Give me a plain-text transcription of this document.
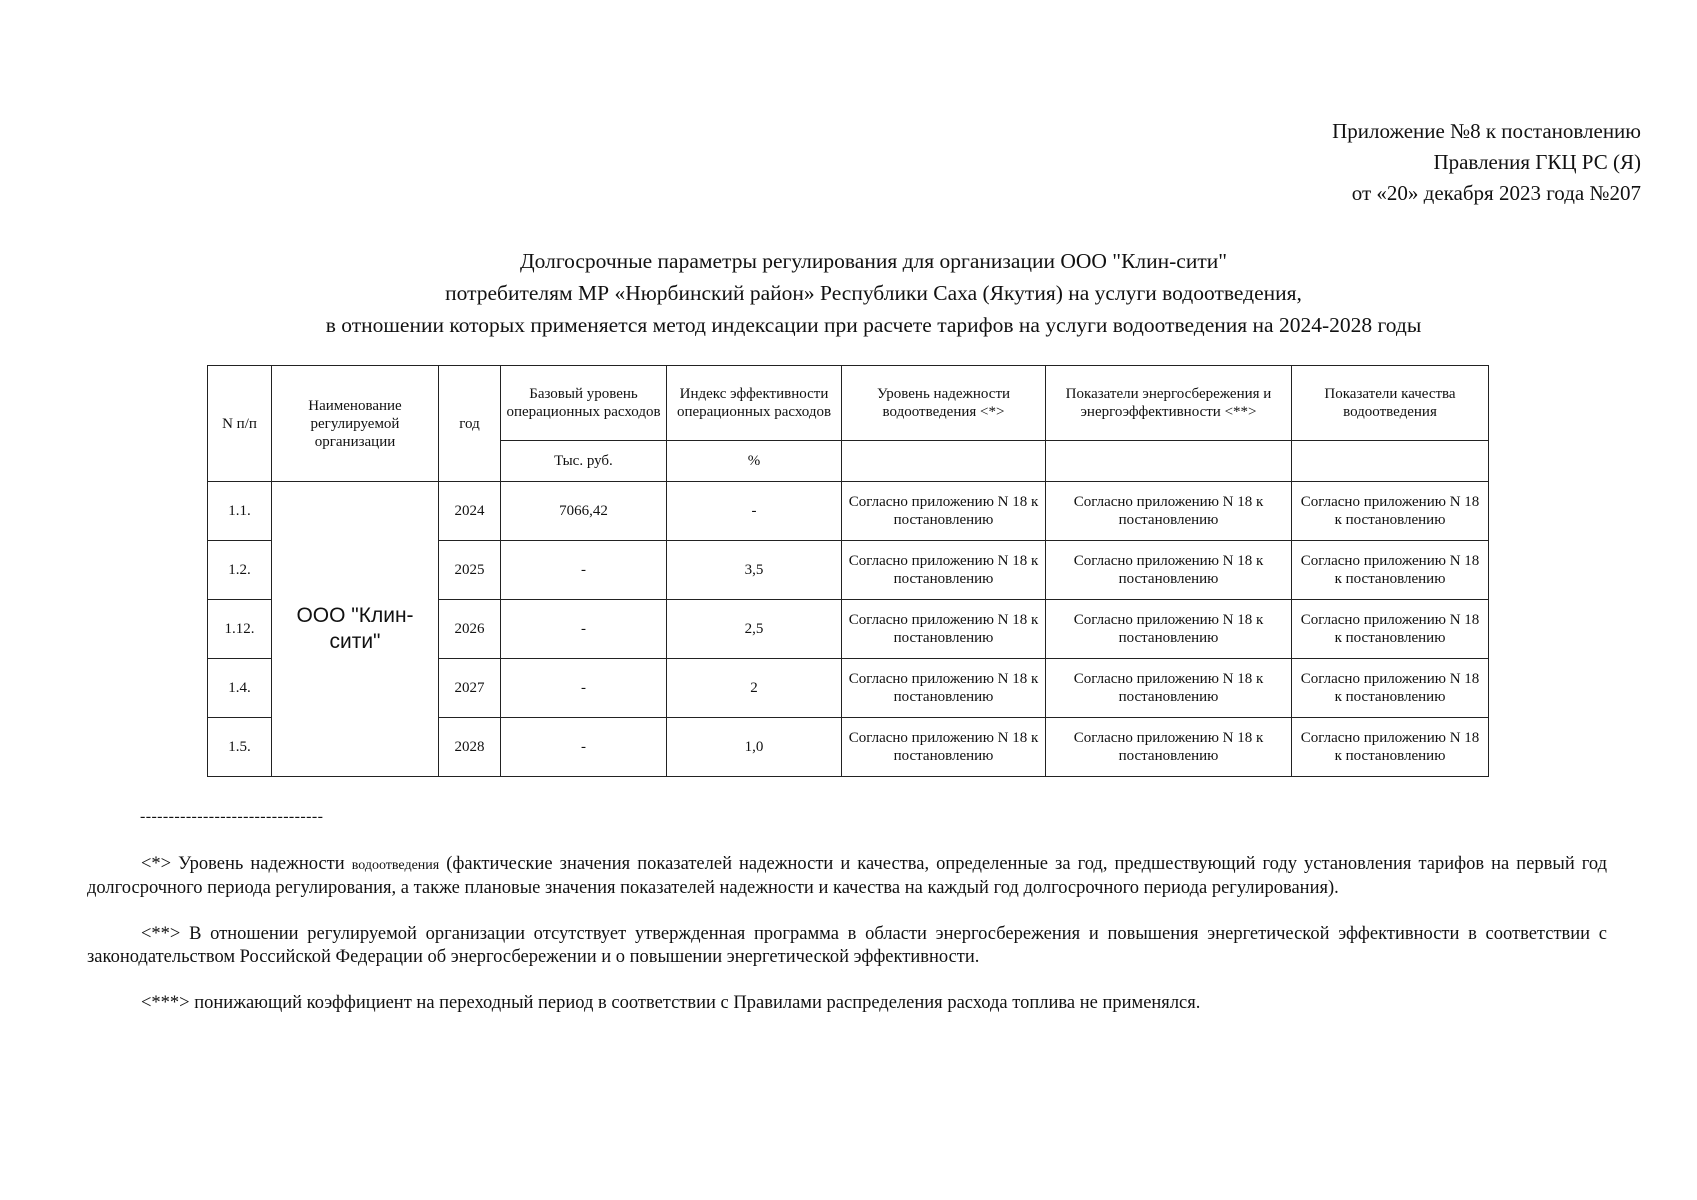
Приложение №8 к постановлению
Правления ГКЦ РС (Я)
от «20» декабря 2023 года №207
Долгосрочные параметры регулирования для организации ООО "Клин-сити"
потребителям МР «Нюрбинский район» Республики Саха (Якутия) на услуги водоотведения,
в отношении которых применяется метод индексации при расчете тарифов на услуги водоотведения на 2024-2028 годы
N п/п	Наименование регулируемой организации	год	Базовый уровень операционных расходов	Индекс эффективности операционных расходов	Уровень надежности водоотведения <*>	Показатели энергосбережения и энергоэффективности <**>	Показатели качества водоотведения
			Тыс. руб.	%			
1.1.	ООО "Клин-сити"	2024	7066,42	-	Согласно приложению N 18 к постановлению	Согласно приложению N 18 к постановлению	Согласно приложению N 18 к постановлению
1.2.		2025	-	3,5	Согласно приложению N 18 к постановлению	Согласно приложению N 18 к постановлению	Согласно приложению N 18 к постановлению
1.12.		2026	-	2,5	Согласно приложению N 18 к постановлению	Согласно приложению N 18 к постановлению	Согласно приложению N 18 к постановлению
1.4.		2027	-	2	Согласно приложению N 18 к постановлению	Согласно приложению N 18 к постановлению	Согласно приложению N 18 к постановлению
1.5.		2028	-	1,0	Согласно приложению N 18 к постановлению	Согласно приложению N 18 к постановлению	Согласно приложению N 18 к постановлению
--------------------------------

<*> Уровень надежности водоотведения (фактические значения показателей надежности и качества, определенные за год, предшествующий году установления тарифов на первый год долгосрочного периода регулирования, а также плановые значения показателей надежности и качества на каждый год долгосрочного периода регулирования).

<**> В отношении регулируемой организации отсутствует утвержденная программа в области энергосбережения и повышения энергетической эффективности в соответствии с законодательством Российской Федерации об энергосбережении и о повышении энергетической эффективности.

<***> понижающий коэффициент на переходный период в соответствии с Правилами распределения расхода топлива не применялся.
